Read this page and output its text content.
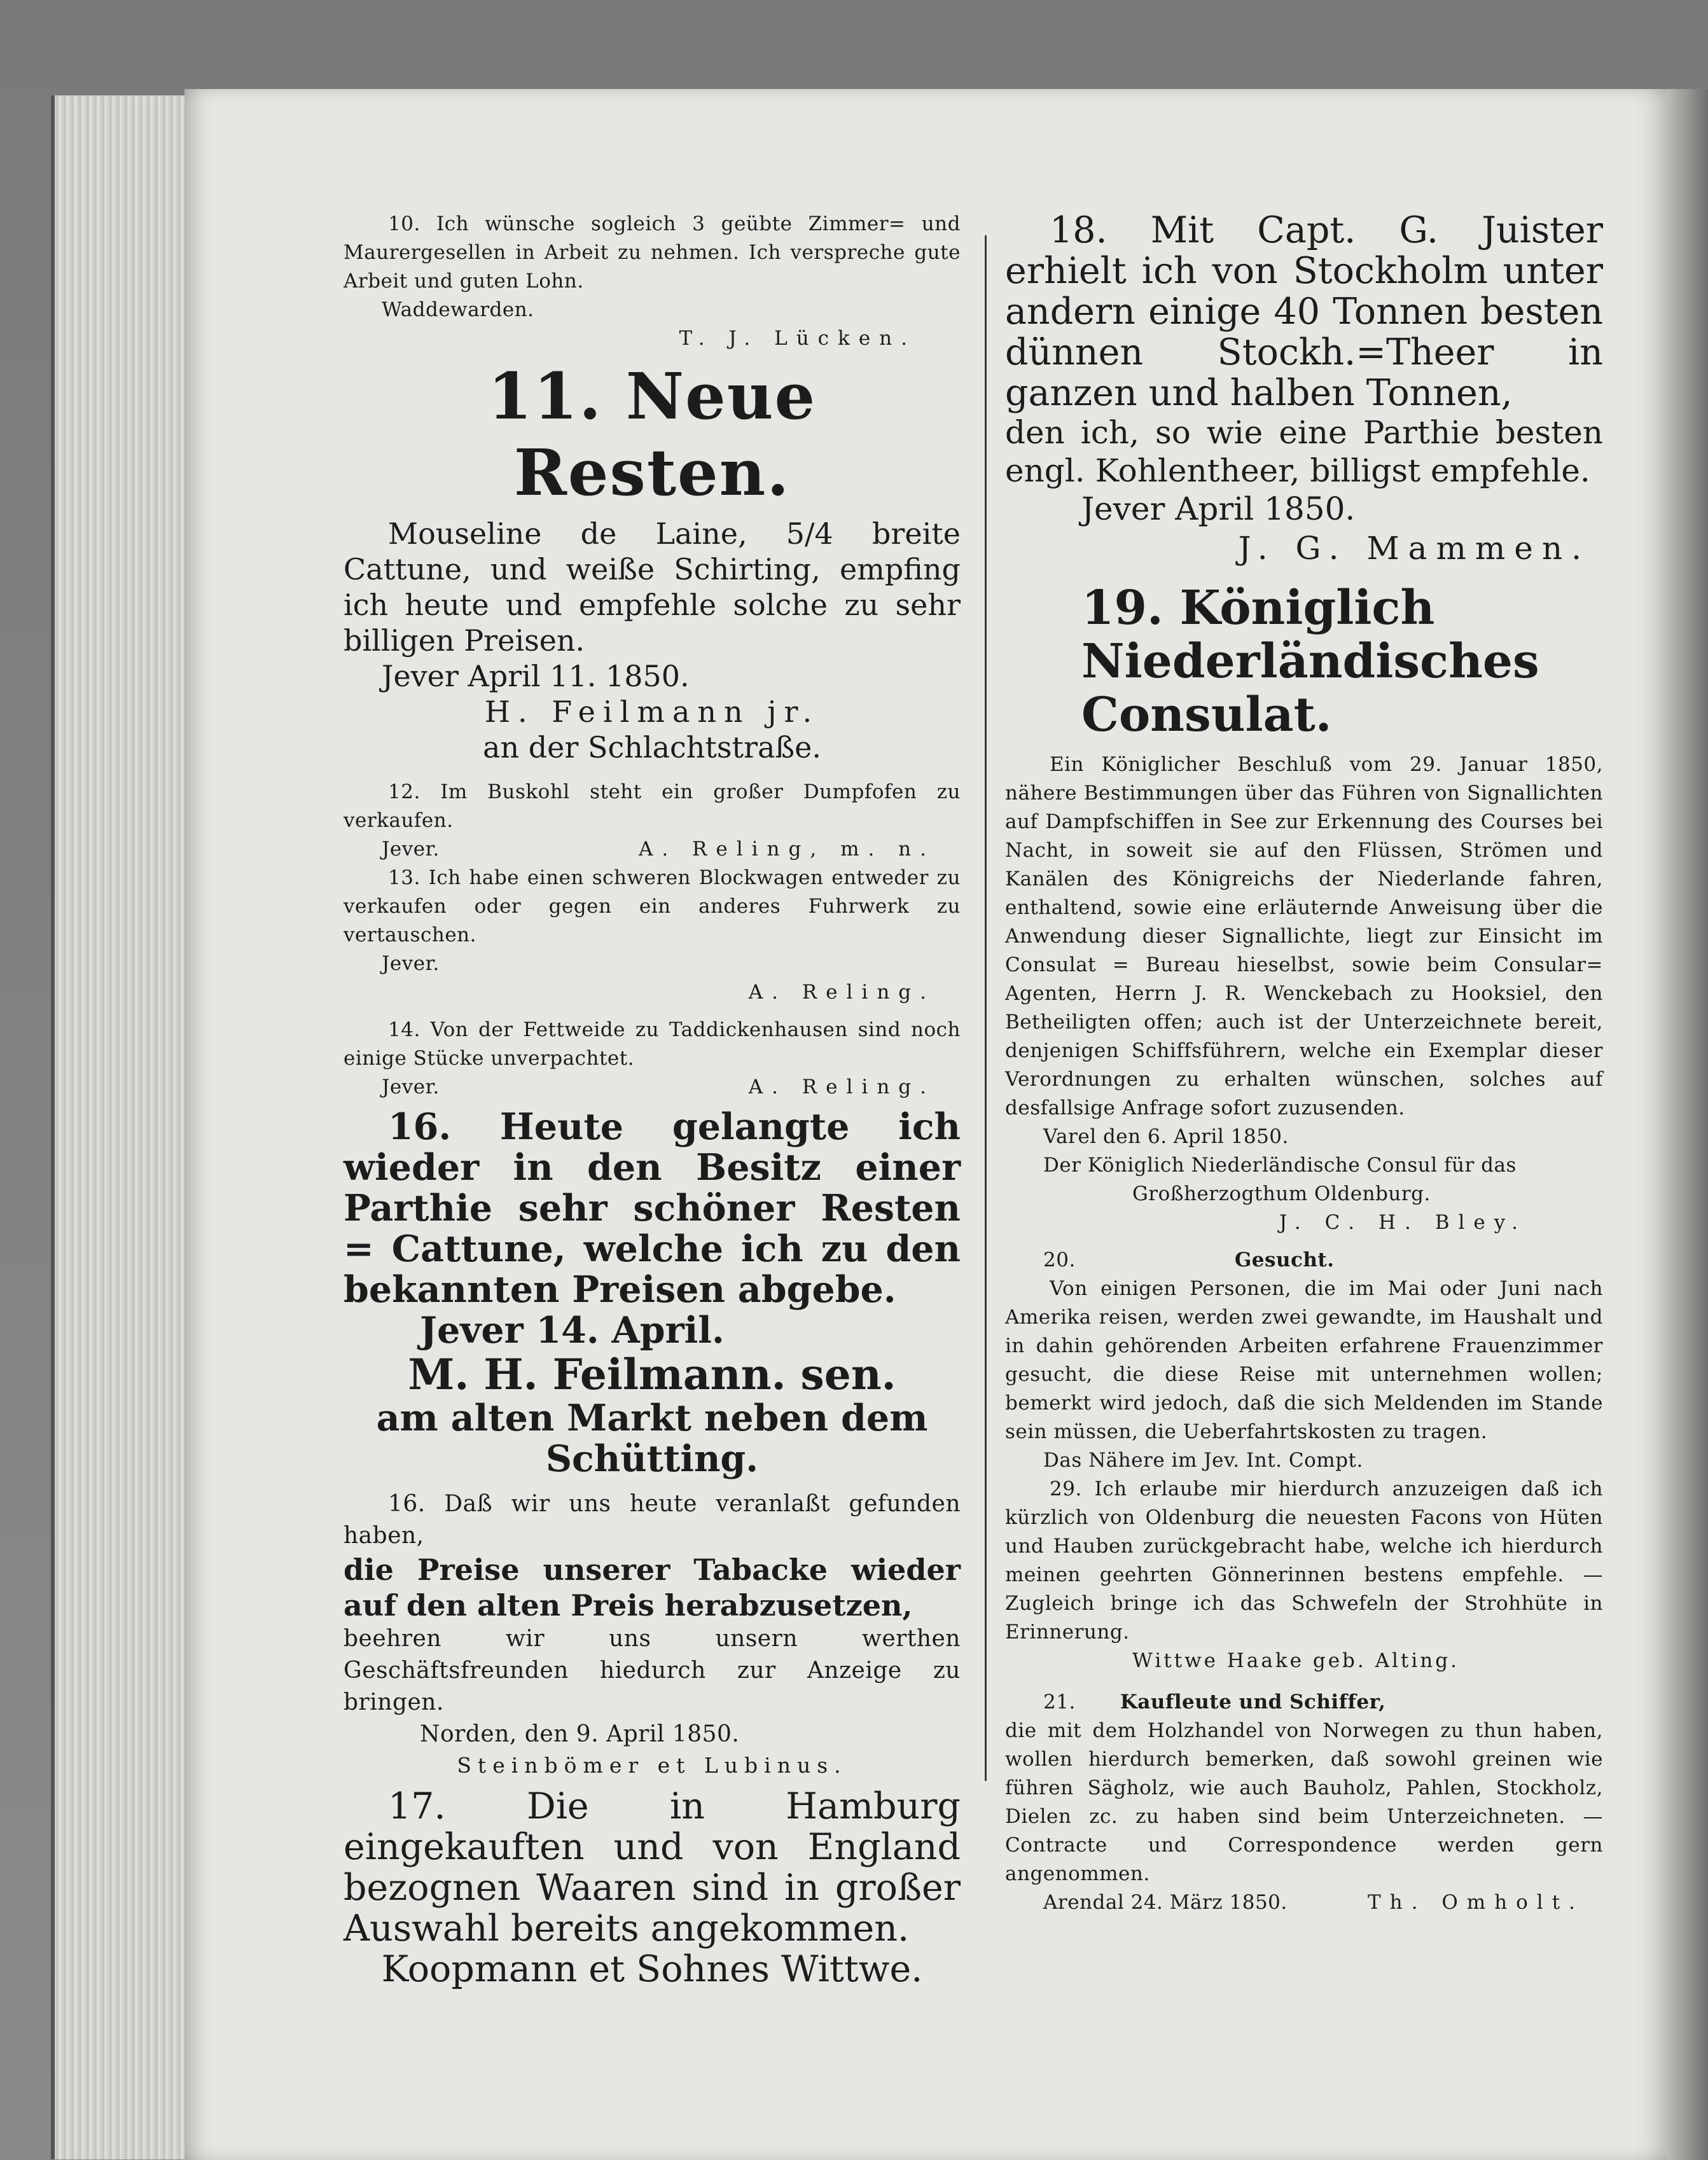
10. Ich wünsche sogleich 3 geübte Zimmer= und Maurergesellen in Arbeit zu nehmen. Ich verspreche gute Arbeit und guten Lohn.

Waddewarden.

T. J. Lücken.

11. Neue Resten.

Mouseline de Laine, 5/4 breite Cattune, und weiße Schirting, empfing ich heute und empfehle solche zu sehr billigen Preisen.

Jever April 11. 1850.

H. Feilmann jr.

an der Schlachtstraße.

12. Im Buskohl steht ein großer Dumpfofen zu verkaufen.

Jever.	A. Reling, m. n.

13. Ich habe einen schweren Blockwagen entweder zu verkaufen oder gegen ein anderes Fuhrwerk zu vertauschen.

Jever.

A. Reling.

14. Von der Fettweide zu Taddickenhausen sind noch einige Stücke unverpachtet.

Jever.	A. Reling.

16. Heute gelangte ich wieder in den Besitz einer Parthie sehr schöner Resten = Cattune, welche ich zu den bekannten Preisen abgebe.

Jever 14. April.

M. H. Feilmann. sen.

am alten Markt neben dem Schütting.

16. Daß wir uns heute veranlaßt gefunden haben,

die Preise unserer Tabacke wieder auf den alten Preis herabzusetzen,

beehren wir uns unsern werthen Geschäftsfreunden hiedurch zur Anzeige zu bringen.

Norden, den 9. April 1850.

Steinbömer et Lubinus.

17. Die in Hamburg eingekauften und von England bezognen Waaren sind in großer Auswahl bereits angekommen.

Koopmann et Sohnes Wittwe.

18. Mit Capt. G. Juister erhielt ich von Stockholm unter andern einige 40 Tonnen besten dünnen Stockh.=Theer in ganzen und halben Tonnen,

den ich, so wie eine Parthie besten engl. Kohlentheer, billigst empfehle.

Jever April 1850.

J. G. Mammen.

19. Königlich Niederländisches Consulat.

Ein Königlicher Beschluß vom 29. Januar 1850, nähere Bestimmungen über das Führen von Signallichten auf Dampfschiffen in See zur Erkennung des Courses bei Nacht, in soweit sie auf den Flüssen, Strömen und Kanälen des Königreichs der Niederlande fahren, enthaltend, sowie eine erläuternde Anweisung über die Anwendung dieser Signallichte, liegt zur Einsicht im Consulat = Bureau hieselbst, sowie beim Consular= Agenten, Herrn J. R. Wenckebach zu Hooksiel, den Betheiligten offen; auch ist der Unterzeichnete bereit, denjenigen Schiffsführern, welche ein Exemplar dieser Verordnungen zu erhalten wünschen, solches auf desfallsige Anfrage sofort zuzusenden.

Varel den 6. April 1850.

Der Königlich Niederländische Consul für das

Großherzogthum Oldenburg.

J. C. H. Bley.

20.	Gesucht.

Von einigen Personen, die im Mai oder Juni nach Amerika reisen, werden zwei gewandte, im Haushalt und in dahin gehörenden Arbeiten erfahrene Frauenzimmer gesucht, die diese Reise mit unternehmen wollen; bemerkt wird jedoch, daß die sich Meldenden im Stande sein müssen, die Ueberfahrtskosten zu tragen.

Das Nähere im Jev. Int. Compt.

29. Ich erlaube mir hierdurch anzuzeigen daß ich kürzlich von Oldenburg die neuesten Facons von Hüten und Hauben zurückgebracht habe, welche ich hierdurch meinen geehrten Gönnerinnen bestens empfehle. — Zugleich bringe ich das Schwefeln der Strohhüte in Erinnerung.

Wittwe Haake geb. Alting.

21.	Kaufleute und Schiffer,

die mit dem Holzhandel von Norwegen zu thun haben, wollen hierdurch bemerken, daß sowohl greinen wie führen Sägholz, wie auch Bauholz, Pahlen, Stockholz, Dielen zc. zu haben sind beim Unterzeichneten. — Contracte und Correspondence werden gern angenommen.

Arendal 24. März 1850.	Th. Omholt.
